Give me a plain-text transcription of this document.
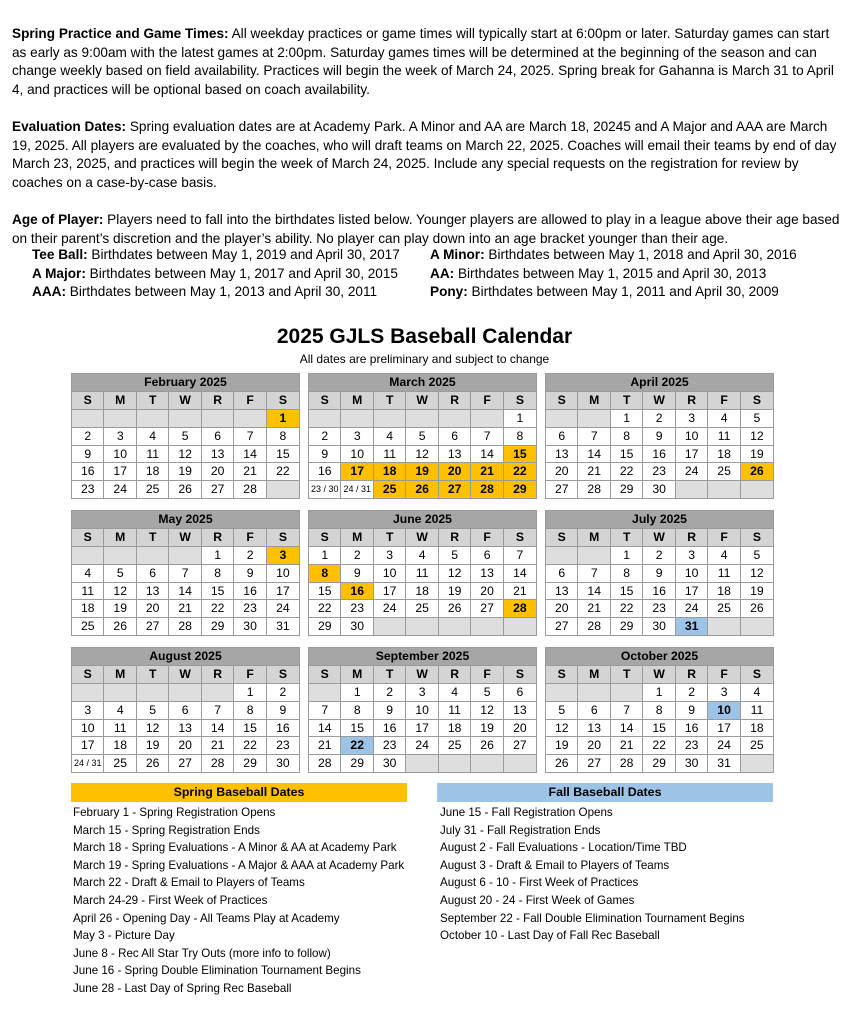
Spring Practice and Game Times: All weekday practices or game times will typically start at 6:00pm or later. Saturday games can start as early as 9:00am with the latest games at 2:00pm. Saturday games times will be determined at the beginning of the season and can change weekly based on field availability. Practices will begin the week of March 24, 2025. Spring break for Gahanna is March 31 to April 4, and practices will be optional based on coach availability.
Evaluation Dates: Spring evaluation dates are at Academy Park. A Minor and AA are March 18, 20245 and A Major and AAA are March 19, 2025. All players are evaluated by the coaches, who will draft teams on March 22, 2025. Coaches will email their teams by end of day March 23, 2025, and practices will begin the week of March 24, 2025. Include any special requests on the registration for review by coaches on a case-by-case basis.
Age of Player: Players need to fall into the birthdates listed below. Younger players are allowed to play in a league above their age based on their parent’s discretion and the player’s ability. No player can play down into an age bracket younger than their age.
Tee Ball: Birthdates between May 1, 2019 and April 30, 2017	A Minor: Birthdates between May 1, 2018 and April 30, 2016
A Major: Birthdates between May 1, 2017 and April 30, 2015	AA: Birthdates between May 1, 2015 and April 30, 2013
AAA: Birthdates between May 1, 2013 and April 30, 2011	Pony: Birthdates between May 1, 2011 and April 30, 2009
2025 GJLS Baseball Calendar
All dates are preliminary and subject to change
February 2025						
S	M	T	W	R	F	S
						1
2	3	4	5	6	7	8
9	10	11	12	13	14	15
16	17	18	19	20	21	22
23	24	25	26	27	28	
March 2025						
S	M	T	W	R	F	S
						1
2	3	4	5	6	7	8
9	10	11	12	13	14	15
16	17	18	19	20	21	22
23 / 30	24 / 31	25	26	27	28	29
April 2025						
S	M	T	W	R	F	S
		1	2	3	4	5
6	7	8	9	10	11	12
13	14	15	16	17	18	19
20	21	22	23	24	25	26
27	28	29	30			
May 2025						
S	M	T	W	R	F	S
				1	2	3
4	5	6	7	8	9	10
11	12	13	14	15	16	17
18	19	20	21	22	23	24
25	26	27	28	29	30	31
June 2025						
S	M	T	W	R	F	S
1	2	3	4	5	6	7
8	9	10	11	12	13	14
15	16	17	18	19	20	21
22	23	24	25	26	27	28
29	30					
July 2025						
S	M	T	W	R	F	S
		1	2	3	4	5
6	7	8	9	10	11	12
13	14	15	16	17	18	19
20	21	22	23	24	25	26
27	28	29	30	31		
August 2025						
S	M	T	W	R	F	S
					1	2
3	4	5	6	7	8	9
10	11	12	13	14	15	16
17	18	19	20	21	22	23
24 / 31	25	26	27	28	29	30
September 2025						
S	M	T	W	R	F	S
	1	2	3	4	5	6
7	8	9	10	11	12	13
14	15	16	17	18	19	20
21	22	23	24	25	26	27
28	29	30				
October 2025						
S	M	T	W	R	F	S
			1	2	3	4
5	6	7	8	9	10	11
12	13	14	15	16	17	18
19	20	21	22	23	24	25
26	27	28	29	30	31	
Spring Baseball Dates	Fall Baseball Dates
February 1 - Spring Registration Opens
March 15 - Spring Registration Ends
March 18 - Spring Evaluations - A Minor & AA at Academy Park
March 19 - Spring Evaluations - A Major & AAA at Academy Park
March 22 - Draft & Email to Players of Teams
March 24-29 - First Week of Practices
April 26 - Opening Day - All Teams Play at Academy
May 3 - Picture Day
June 8 - Rec All Star Try Outs (more info to follow)
June 16 - Spring Double Elimination Tournament Begins
June 28 - Last Day of Spring Rec Baseball
June 15 - Fall Registration Opens
July 31 - Fall Registration Ends
August 2 - Fall Evaluations - Location/Time TBD
August 3 - Draft & Email to Players of Teams
August 6 - 10 - First Week of Practices
August 20 - 24 - First Week of Games
September 22 - Fall Double Elimination Tournament Begins
October 10 - Last Day of Fall Rec Baseball
